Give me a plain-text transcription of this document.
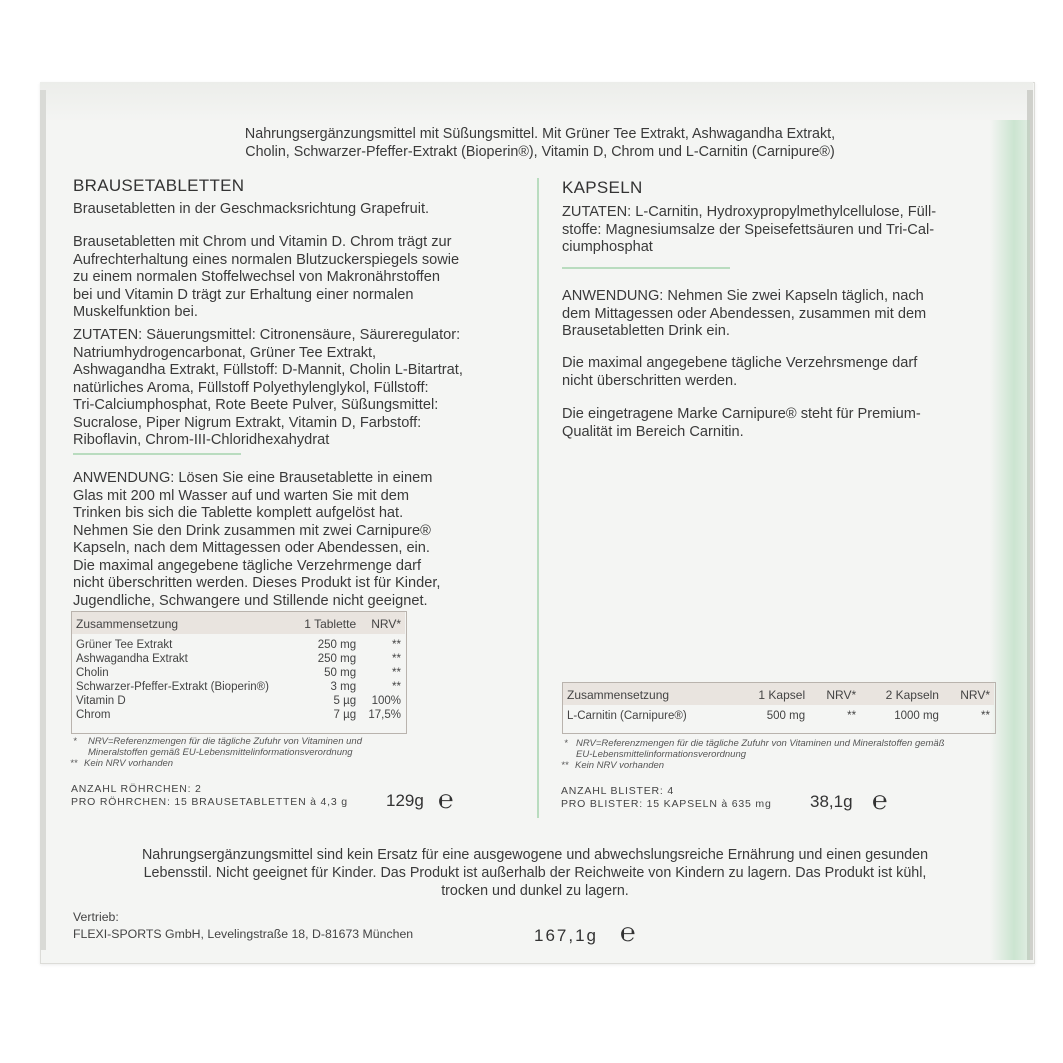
Nahrungsergänzungsmittel mit Süßungsmittel. Mit Grüner Tee Extrakt, Ashwagandha Extrakt,
Cholin, Schwarzer-Pfeffer-Extrakt (Bioperin®), Vitamin D, Chrom und L-Carnitin (Carnipure®)
BRAUSETABLETTEN
Brausetabletten in der Geschmacksrichtung Grapefruit.
Brausetabletten mit Chrom und Vitamin D. Chrom trägt zur
Aufrechterhaltung eines normalen Blutzuckerspiegels sowie
zu einem normalen Stoffelwechsel von Makronährstoffen
bei und Vitamin D trägt zur Erhaltung einer normalen
Muskelfunktion bei.
ZUTATEN: Säuerungsmittel: Citronensäure, Säureregulator:
Natriumhydrogencarbonat, Grüner Tee Extrakt,
Ashwagandha Extrakt, Füllstoff: D-Mannit, Cholin L-Bitartrat,
natürliches Aroma, Füllstoff Polyethylenglykol, Füllstoff:
Tri-Calciumphosphat, Rote Beete Pulver, Süßungsmittel:
Sucralose, Piper Nigrum Extrakt, Vitamin D, Farbstoff:
Riboflavin, Chrom-III-Chloridhexahydrat
ANWENDUNG: Lösen Sie eine Brausetablette in einem
Glas mit 200 ml Wasser auf und warten Sie mit dem
Trinken bis sich die Tablette komplett aufgelöst hat.
Nehmen Sie den Drink zusammen mit zwei Carnipure®
Kapseln, nach dem Mittagessen oder Abendessen, ein.
Die maximal angegebene tägliche Verzehrmenge darf
nicht überschritten werden. Dieses Produkt ist für Kinder,
Jugendliche, Schwangere und Stillende nicht geeignet.
Zusammensetzung	1 Tablette	NRV*

Grüner Tee Extrakt	250 mg	**
Ashwagandha Extrakt	250 mg	**
Cholin	50 mg	**
Schwarzer-Pfeffer-Extrakt (Bioperin®)	3 mg	**
Vitamin D	5 µg	100%
Chrom	7 µg	17,5%
* NRV=Referenzmengen für die tägliche Zufuhr von Vitaminen und
Mineralstoffen gemäß EU-Lebensmittelinformationsverordnung
** Kein NRV vorhanden
ANZAHL RÖHRCHEN: 2
PRO RÖHRCHEN: 15 BRAUSETABLETTEN à 4,3 g 129g ℮
KAPSELN
ZUTATEN: L-Carnitin, Hydroxypropylmethylcellulose, Füll-
stoffe: Magnesiumsalze der Speisefettsäuren und Tri-Cal-
ciumphosphat
ANWENDUNG: Nehmen Sie zwei Kapseln täglich, nach
dem Mittagessen oder Abendessen, zusammen mit dem
Brausetabletten Drink ein.
Die maximal angegebene tägliche Verzehrsmenge darf
nicht überschritten werden.
Die eingetragene Marke Carnipure® steht für Premium-
Qualität im Bereich Carnitin.
Zusammensetzung	1 Kapsel	NRV*	2 Kapseln	NRV*

L-Carnitin (Carnipure®)	500 mg	**	1000 mg	**
* NRV=Referenzmengen für die tägliche Zufuhr von Vitaminen und Mineralstoffen gemäß
EU-Lebensmittelinformationsverordnung
** Kein NRV vorhanden
ANZAHL BLISTER: 4
PRO BLISTER: 15 KAPSELN à 635 mg 38,1g ℮
Nahrungsergänzungsmittel sind kein Ersatz für eine ausgewogene und abwechslungsreiche Ernährung und einen gesunden
Lebensstil. Nicht geeignet für Kinder. Das Produkt ist außerhalb der Reichweite von Kindern zu lagern. Das Produkt ist kühl,
trocken und dunkel zu lagern.
Vertrieb:
FLEXI-SPORTS GmbH, Levelingstraße 18, D-81673 München	167,1g ℮
